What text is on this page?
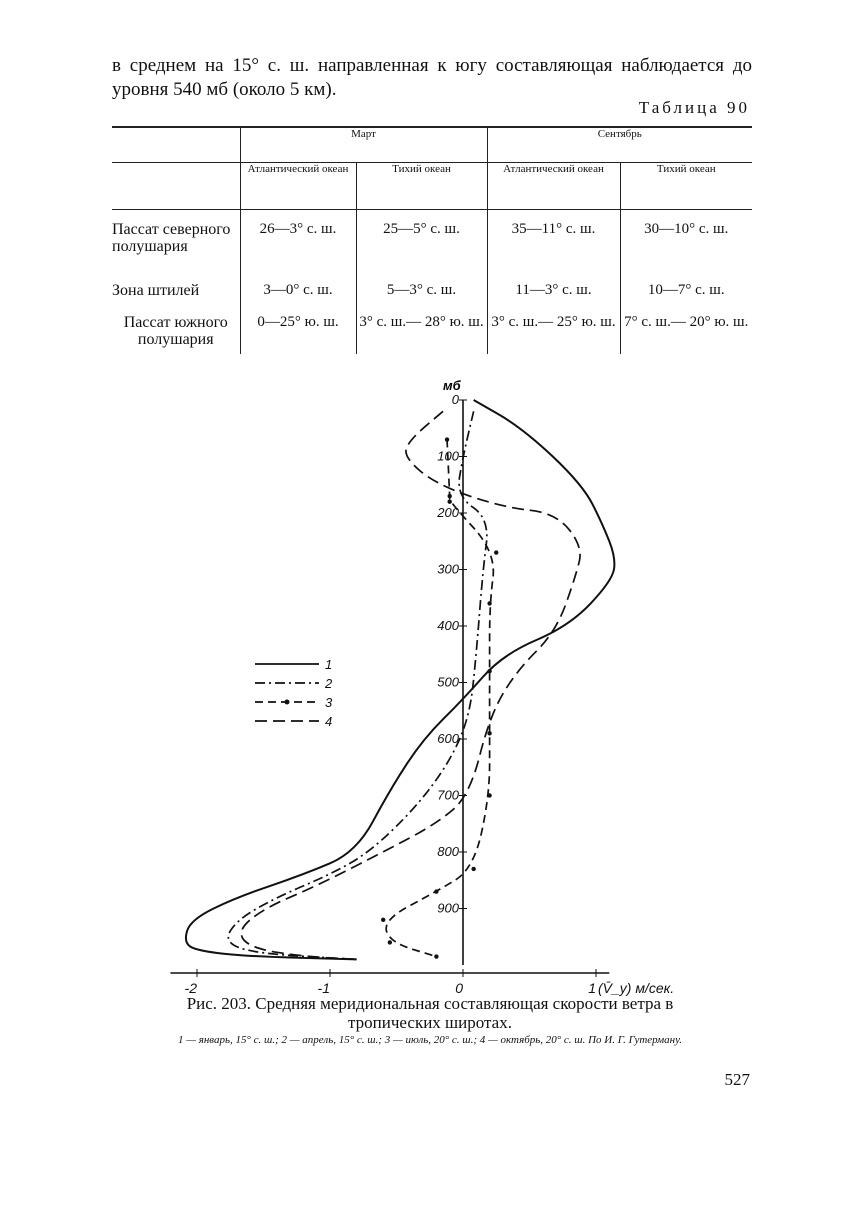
в среднем на 15° с. ш. направленная к югу составляющая наблюдается до уровня 540 мб (около 5 км).
Таблица 90
	Март		Сентябрь	
	Атлантический океан	Тихий океан	Атлантический океан	Тихий океан
Пассат северного полушария	26—3° с. ш.	25—5° с. ш.	35—11° с. ш.	30—10° с. ш.
Зона штилей	3—0° с. ш.	5—3° с. ш.	11—3° с. ш.	10—7° с. ш.
Пассат южного полушария	0—25° ю. ш.	3° с. ш.— 28° ю. ш.	3° с. ш.— 25° ю. ш.	7° с. ш.— 20° ю. ш.
мб
0
100
200
300
400
500
600
700
800
900
-2	-1	0	1 (V̄_y) м/сек.
1
2
3
4
Рис. 203. Средняя меридиональная составляющая скорости ветра в тропических широтах.
1 — январь, 15° с. ш.; 2 — апрель, 15° с. ш.; 3 — июль, 20° с. ш.; 4 — октябрь, 20° с. ш. По И. Г. Гутерману.
527
